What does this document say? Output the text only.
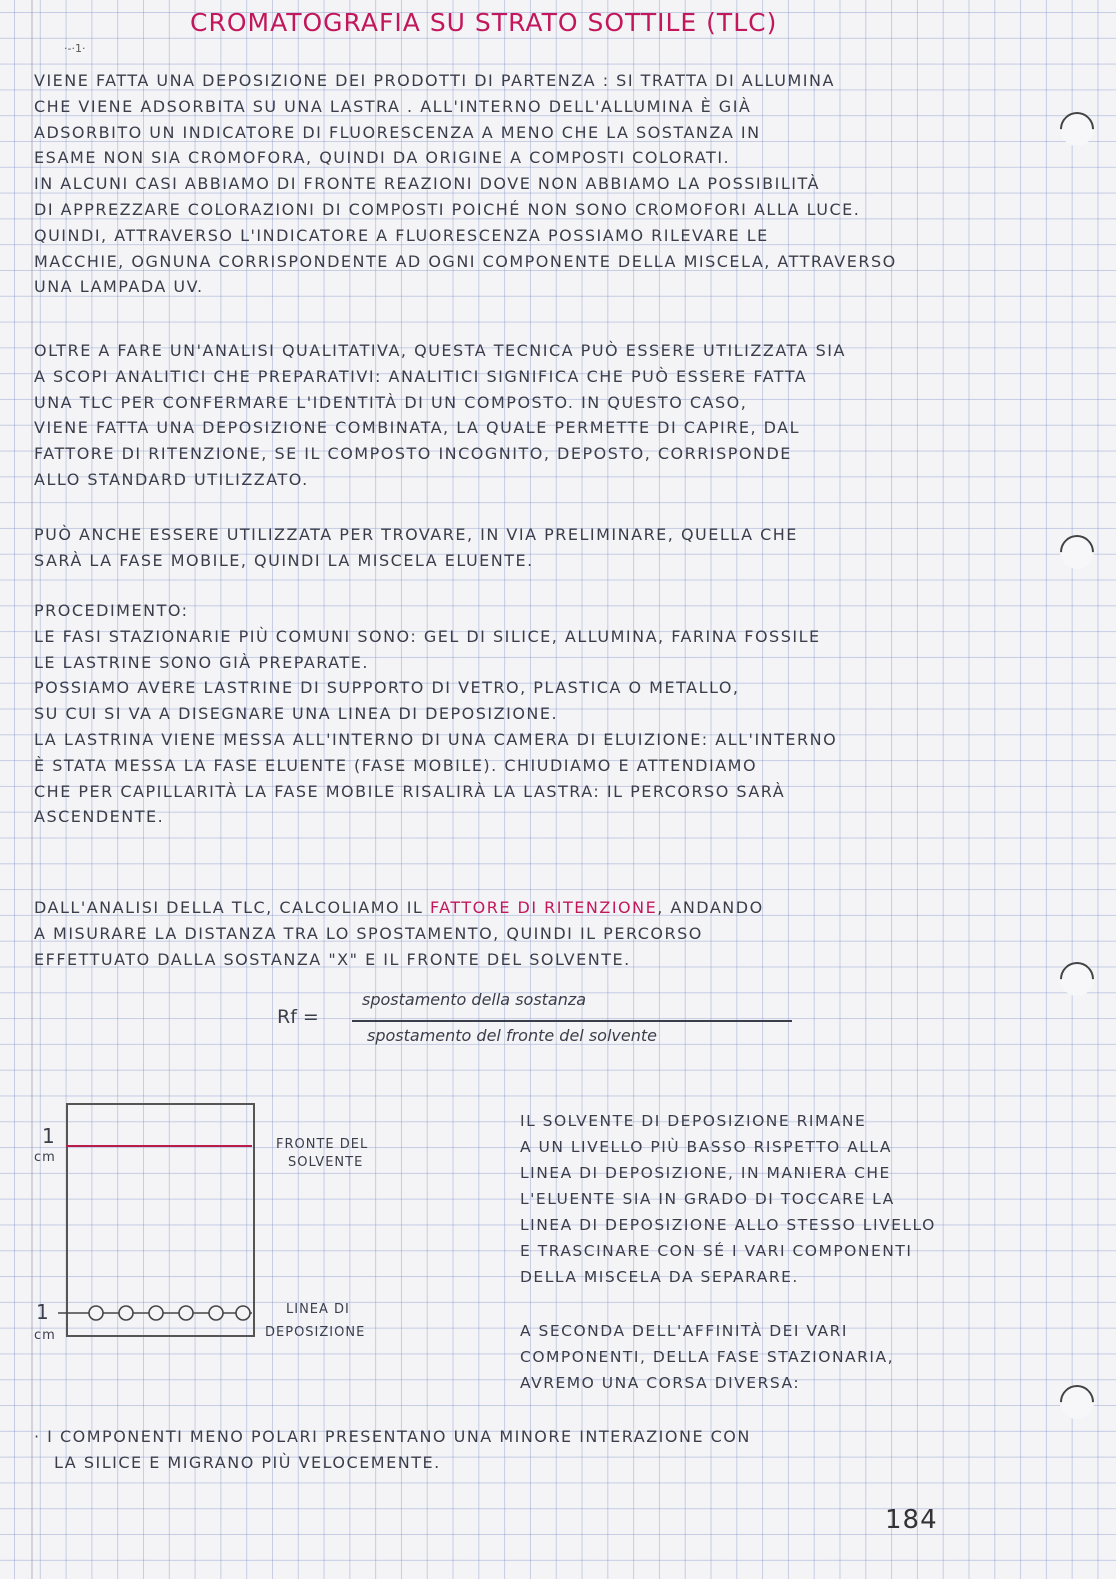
CROMATOGRAFIA SU STRATO SOTTILE (TLC)
·-·1·
VIENE FATTA UNA DEPOSIZIONE DEI PRODOTTI DI PARTENZA : SI TRATTA DI ALLUMINA
CHE VIENE ADSORBITA SU UNA LASTRA . ALL'INTERNO DELL'ALLUMINA È GIÀ
ADSORBITO UN INDICATORE DI FLUORESCENZA A MENO CHE LA SOSTANZA IN
ESAME NON SIA CROMOFORA, QUINDI DA ORIGINE A COMPOSTI COLORATI.
IN ALCUNI CASI ABBIAMO DI FRONTE REAZIONI DOVE NON ABBIAMO LA POSSIBILITÀ
DI APPREZZARE COLORAZIONI DI COMPOSTI POICHÉ NON SONO CROMOFORI ALLA LUCE.
QUINDI, ATTRAVERSO L'INDICATORE A FLUORESCENZA POSSIAMO RILEVARE LE
MACCHIE, OGNUNA CORRISPONDENTE AD OGNI COMPONENTE DELLA MISCELA, ATTRAVERSO
UNA LAMPADA UV.
OLTRE A FARE UN'ANALISI QUALITATIVA, QUESTA TECNICA PUÒ ESSERE UTILIZZATA SIA
A SCOPI ANALITICI CHE PREPARATIVI: ANALITICI SIGNIFICA CHE PUÒ ESSERE FATTA
UNA TLC PER CONFERMARE L'IDENTITÀ DI UN COMPOSTO. IN QUESTO CASO,
VIENE FATTA UNA DEPOSIZIONE COMBINATA, LA QUALE PERMETTE DI CAPIRE, DAL
FATTORE DI RITENZIONE, SE IL COMPOSTO INCOGNITO, DEPOSTO, CORRISPONDE
ALLO STANDARD UTILIZZATO.
PUÒ ANCHE ESSERE UTILIZZATA PER TROVARE, IN VIA PRELIMINARE, QUELLA CHE
SARÀ LA FASE MOBILE, QUINDI LA MISCELA ELUENTE.
PROCEDIMENTO:
LE FASI STAZIONARIE PIÙ COMUNI SONO: GEL DI SILICE, ALLUMINA, FARINA FOSSILE
LE LASTRINE SONO GIÀ PREPARATE.
POSSIAMO AVERE LASTRINE DI SUPPORTO DI VETRO, PLASTICA O METALLO,
SU CUI SI VA A DISEGNARE UNA LINEA DI DEPOSIZIONE.
LA LASTRINA VIENE MESSA ALL'INTERNO DI UNA CAMERA DI ELUIZIONE: ALL'INTERNO
È STATA MESSA LA FASE ELUENTE (FASE MOBILE). CHIUDIAMO E ATTENDIAMO
CHE PER CAPILLARITÀ LA FASE MOBILE RISALIRÀ LA LASTRA: IL PERCORSO SARÀ
ASCENDENTE.
DALL'ANALISI DELLA TLC, CALCOLIAMO IL FATTORE DI RITENZIONE, ANDANDO
A MISURARE LA DISTANZA TRA LO SPOSTAMENTO, QUINDI IL PERCORSO
EFFETTUATO DALLA SOSTANZA "X" E IL FRONTE DEL SOLVENTE.
Rf =
spostamento della sostanza
spostamento del fronte del solvente
1
cm
FRONTE DEL
SOLVENTE
1
cm
LINEA DI
DEPOSIZIONE
IL SOLVENTE DI DEPOSIZIONE RIMANE
A UN LIVELLO PIÙ BASSO RISPETTO ALLA
LINEA DI DEPOSIZIONE, IN MANIERA CHE
L'ELUENTE SIA IN GRADO DI TOCCARE LA
LINEA DI DEPOSIZIONE ALLO STESSO LIVELLO
E TRASCINARE CON SÉ I VARI COMPONENTI
DELLA MISCELA DA SEPARARE.
A SECONDA DELL'AFFINITÀ DEI VARI
COMPONENTI, DELLA FASE STAZIONARIA,
AVREMO UNA CORSA DIVERSA:
· I COMPONENTI MENO POLARI PRESENTANO UNA MINORE INTERAZIONE CON
LA SILICE E MIGRANO PIÙ VELOCEMENTE.
184
